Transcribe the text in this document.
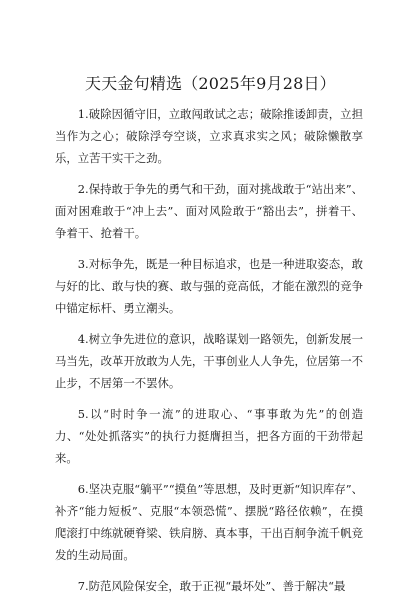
天天金句精选（2025年9月28日）

1.破除因循守旧，立敢闯敢试之志；破除推诿卸责，立担当作为之心；破除浮夸空谈，立求真求实之风；破除懒散享乐，立苦干实干之劲。

2.保持敢于争先的勇气和干劲，面对挑战敢于“站出来”、面对困难敢于“冲上去”、面对风险敢于“豁出去”，拼着干、争着干、抢着干。

3.对标争先，既是一种目标追求，也是一种进取姿态，敢与好的比、敢与快的赛、敢与强的竞高低，才能在激烈的竞争中锚定标杆、勇立潮头。

4.树立争先进位的意识，战略谋划一路领先，创新发展一马当先，改革开放敢为人先，干事创业人人争先，位居第一不止步，不居第一不罢休。

5.以“时时争一流”的进取心、“事事敢为先”的创造力、“处处抓落实”的执行力挺膺担当，把各方面的干劲带起来。

6.坚决克服“躺平”“摸鱼”等思想，及时更新“知识库存”、补齐“能力短板”、克服“本领恐慌”、摆脱“路径依赖”，在摸爬滚打中练就硬脊梁、铁肩膀、真本事，干出百舸争流千帆竞发的生动局面。

7.防范风险保安全，敢于正视“最坏处”、善于解决“最
